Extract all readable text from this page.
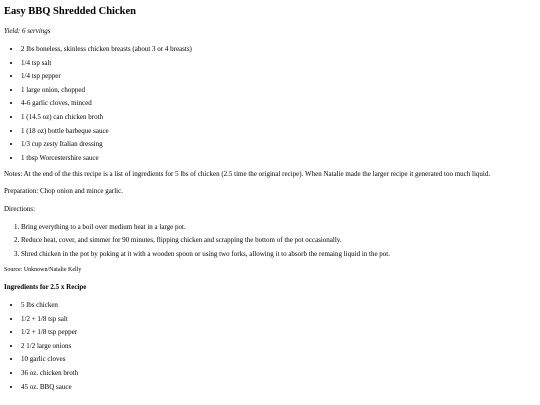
Easy BBQ Shredded Chicken
Yield: 6 servings
• 2 lbs boneless, skinless chicken breasts (about 3 or 4 breasts)
• 1/4 tsp salt
• 1/4 tsp pepper
• 1 large onion, chopped
• 4-6 garlic cloves, minced
• 1 (14.5 oz) can chicken broth
• 1 (18 oz) bottle barbeque sauce
• 1/3 cup zesty Italian dressing
• 1 tbsp Worcestershire sauce

Notes: At the end of the this recipe is a list of ingredients for 5 lbs of chicken (2.5 time the original recipe). When Natalie made the larger recipe it generated too much liquid.

Preparation: Chop onion and mince garlic.

Directions:

1. Bring everything to a boil over medium heat in a large pot.
2. Reduce heat, cover, and simmer for 90 minutes, flipping chicken and scrapping the bottom of the pot occasionally.
3. Shred chicken in the pot by poking at it with a wooden spoon or using two forks, allowing it to absorb the remaing liquid in the pot.

Source: Unknown/Natalie Kelly

Ingredients for 2.5 x Recipe
• 5 lbs chicken
• 1/2 + 1/8 tsp salt
• 1/2 + 1/8 tsp pepper
• 2 1/2 large onions
• 10 garlic cloves
• 36 oz. chicken broth
• 45 oz. BBQ sauce
